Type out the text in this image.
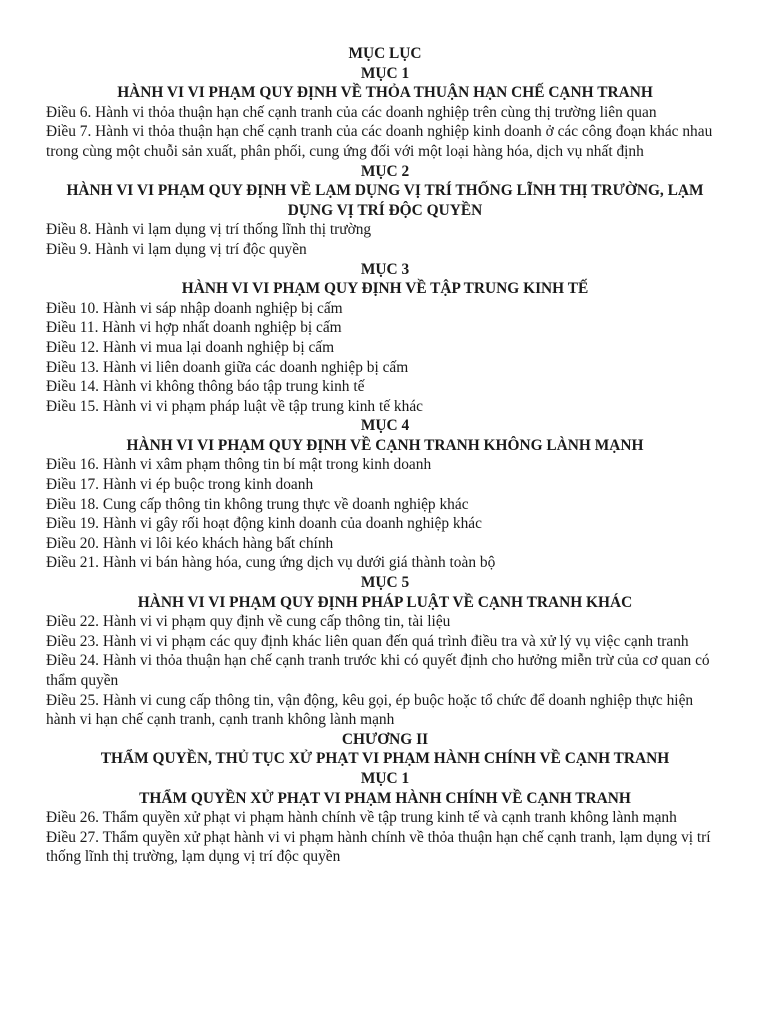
MỤC LỤC

MỤC 1

HÀNH VI VI PHẠM QUY ĐỊNH VỀ THỎA THUẬN HẠN CHẾ CẠNH TRANH

Điều 6. Hành vi thỏa thuận hạn chế cạnh tranh của các doanh nghiệp trên cùng thị trường liên quan

Điều 7. Hành vi thỏa thuận hạn chế cạnh tranh của các doanh nghiệp kinh doanh ở các công đoạn khác nhau trong cùng một chuỗi sản xuất, phân phối, cung ứng đối với một loại hàng hóa, dịch vụ nhất định

MỤC 2

HÀNH VI VI PHẠM QUY ĐỊNH VỀ LẠM DỤNG VỊ TRÍ THỐNG LĨNH THỊ TRƯỜNG, LẠM DỤNG VỊ TRÍ ĐỘC QUYỀN

Điều 8. Hành vi lạm dụng vị trí thống lĩnh thị trường

Điều 9. Hành vi lạm dụng vị trí độc quyền

MỤC 3

HÀNH VI VI PHẠM QUY ĐỊNH VỀ TẬP TRUNG KINH TẾ

Điều 10. Hành vi sáp nhập doanh nghiệp bị cấm

Điều 11. Hành vi hợp nhất doanh nghiệp bị cấm

Điều 12. Hành vi mua lại doanh nghiệp bị cấm

Điều 13. Hành vi liên doanh giữa các doanh nghiệp bị cấm

Điều 14. Hành vi không thông báo tập trung kinh tế

Điều 15. Hành vi vi phạm pháp luật về tập trung kinh tế khác

MỤC 4

HÀNH VI VI PHẠM QUY ĐỊNH VỀ CẠNH TRANH KHÔNG LÀNH MẠNH

Điều 16. Hành vi xâm phạm thông tin bí mật trong kinh doanh

Điều 17. Hành vi ép buộc trong kinh doanh

Điều 18. Cung cấp thông tin không trung thực về doanh nghiệp khác

Điều 19. Hành vi gây rối hoạt động kinh doanh của doanh nghiệp khác

Điều 20. Hành vi lôi kéo khách hàng bất chính

Điều 21. Hành vi bán hàng hóa, cung ứng dịch vụ dưới giá thành toàn bộ

MỤC 5

HÀNH VI VI PHẠM QUY ĐỊNH PHÁP LUẬT VỀ CẠNH TRANH KHÁC

Điều 22. Hành vi vi phạm quy định về cung cấp thông tin, tài liệu

Điều 23. Hành vi vi phạm các quy định khác liên quan đến quá trình điều tra và xử lý vụ việc cạnh tranh

Điều 24. Hành vi thỏa thuận hạn chế cạnh tranh trước khi có quyết định cho hưởng miễn trừ của cơ quan có thẩm quyền

Điều 25. Hành vi cung cấp thông tin, vận động, kêu gọi, ép buộc hoặc tổ chức để doanh nghiệp thực hiện hành vi hạn chế cạnh tranh, cạnh tranh không lành mạnh

CHƯƠNG II

THẨM QUYỀN, THỦ TỤC XỬ PHẠT VI PHẠM HÀNH CHÍNH VỀ CẠNH TRANH

MỤC 1

THẨM QUYỀN XỬ PHẠT VI PHẠM HÀNH CHÍNH VỀ CẠNH TRANH

Điều 26. Thẩm quyền xử phạt vi phạm hành chính về tập trung kinh tế và cạnh tranh không lành mạnh

Điều 27. Thẩm quyền xử phạt hành vi vi phạm hành chính về thỏa thuận hạn chế cạnh tranh, lạm dụng vị trí thống lĩnh thị trường, lạm dụng vị trí độc quyền
